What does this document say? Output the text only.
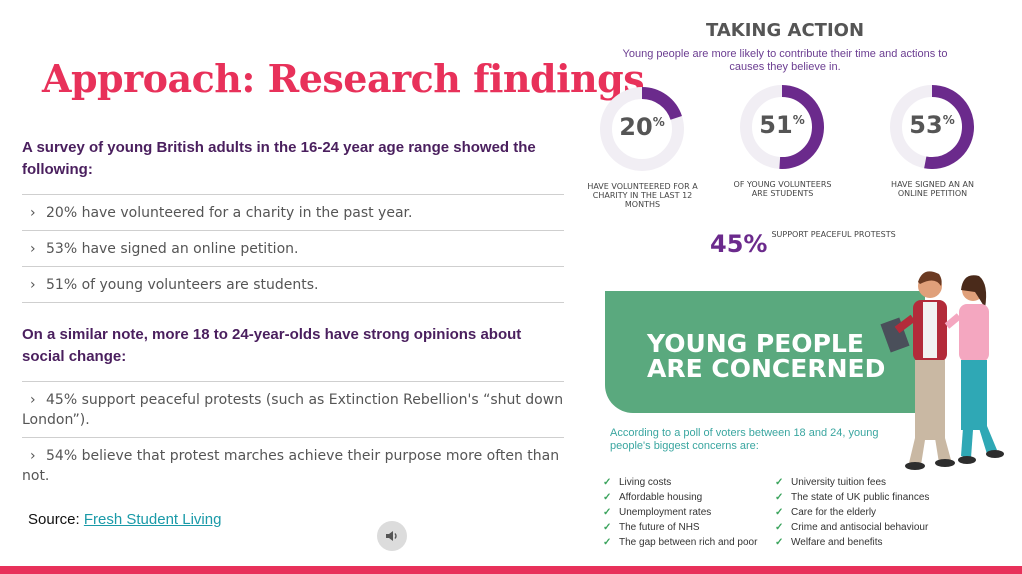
Approach: Research findings
A survey of young British adults in the 16-24 year age range showed the following:
› 20% have volunteered for a charity in the past year.
› 53% have signed an online petition.
› 51% of young volunteers are students.
On a similar note, more 18 to 24-year-olds have strong opinions about social change:
› 45% support peaceful protests (such as Extinction Rebellion's “shut down London”).
› 54% believe that protest marches achieve their purpose more often than not.
Source: Fresh Student Living
TAKING ACTION
Young people are more likely to contribute their time and actions to causes they believe in.
20%
HAVE VOLUNTEERED FOR A CHARITY IN THE LAST 12 MONTHS
51%
OF YOUNG VOLUNTEERS ARE STUDENTS
53%
HAVE SIGNED AN AN ONLINE PETITION
45% $^{SUPPORT PEACEFUL PROTESTS}$
YOUNG PEOPLE
ARE CONCERNED
According to a poll of voters between 18 and 24, young people's biggest concerns are:
✓ Living costs
✓ Affordable housing
✓ Unemployment rates
✓ The future of NHS
✓ The gap between rich and poor
✓ University tuition fees
✓ The state of UK public finances
✓ Care for the elderly
✓ Crime and antisocial behaviour
✓ Welfare and benefits
